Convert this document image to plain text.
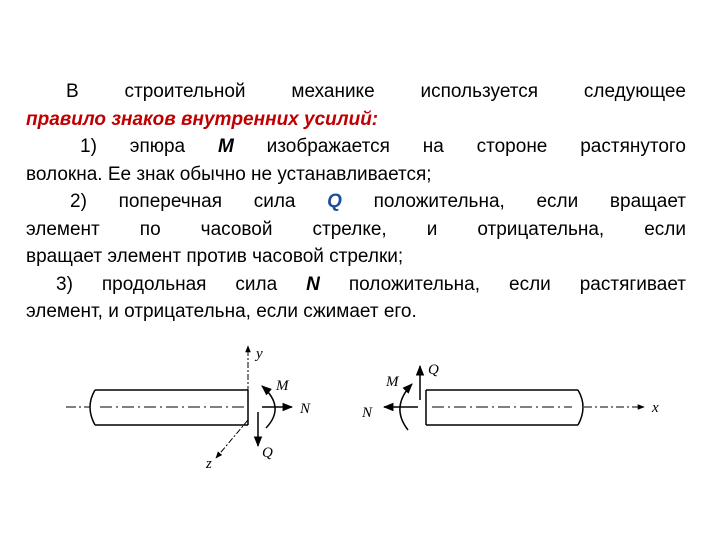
В строительной механике используется следующее
правило знаков внутренних усилий:
1) эпюра M изображается на стороне растянутого
волокна. Ее знак обычно не устанавливается;
2) поперечная сила Q положительна, если вращает
элемент по часовой стрелке, и отрицательна, если
вращает элемент против часовой стрелки;
3) продольная сила N положительна, если растягивает
элемент, и отрицательна, если сжимает его.
y
M
N
Q
z
M
Q
N	x
